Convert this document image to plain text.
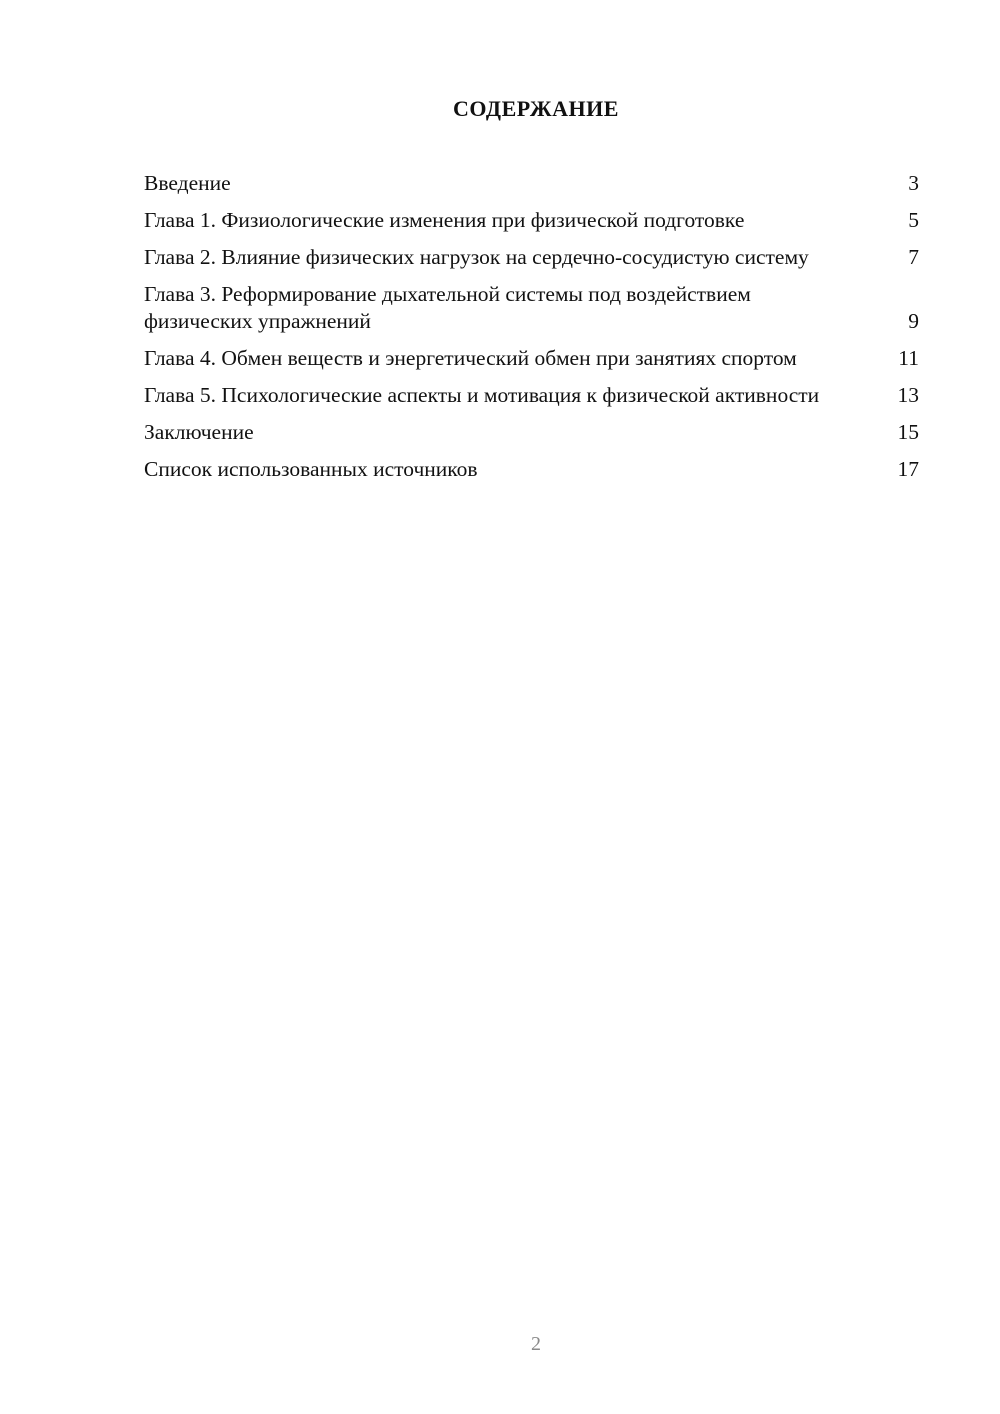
СОДЕРЖАНИЕ
Введение	3
Глава 1. Физиологические изменения при физической подготовке	5
Глава 2. Влияние физических нагрузок на сердечно-сосудистую систему	7
Глава 3. Реформирование дыхательной системы под воздействием физических упражнений	9
Глава 4. Обмен веществ и энергетический обмен при занятиях спортом	11
Глава 5. Психологические аспекты и мотивация к физической активности	13
Заключение	15
Список использованных источников	17
2
